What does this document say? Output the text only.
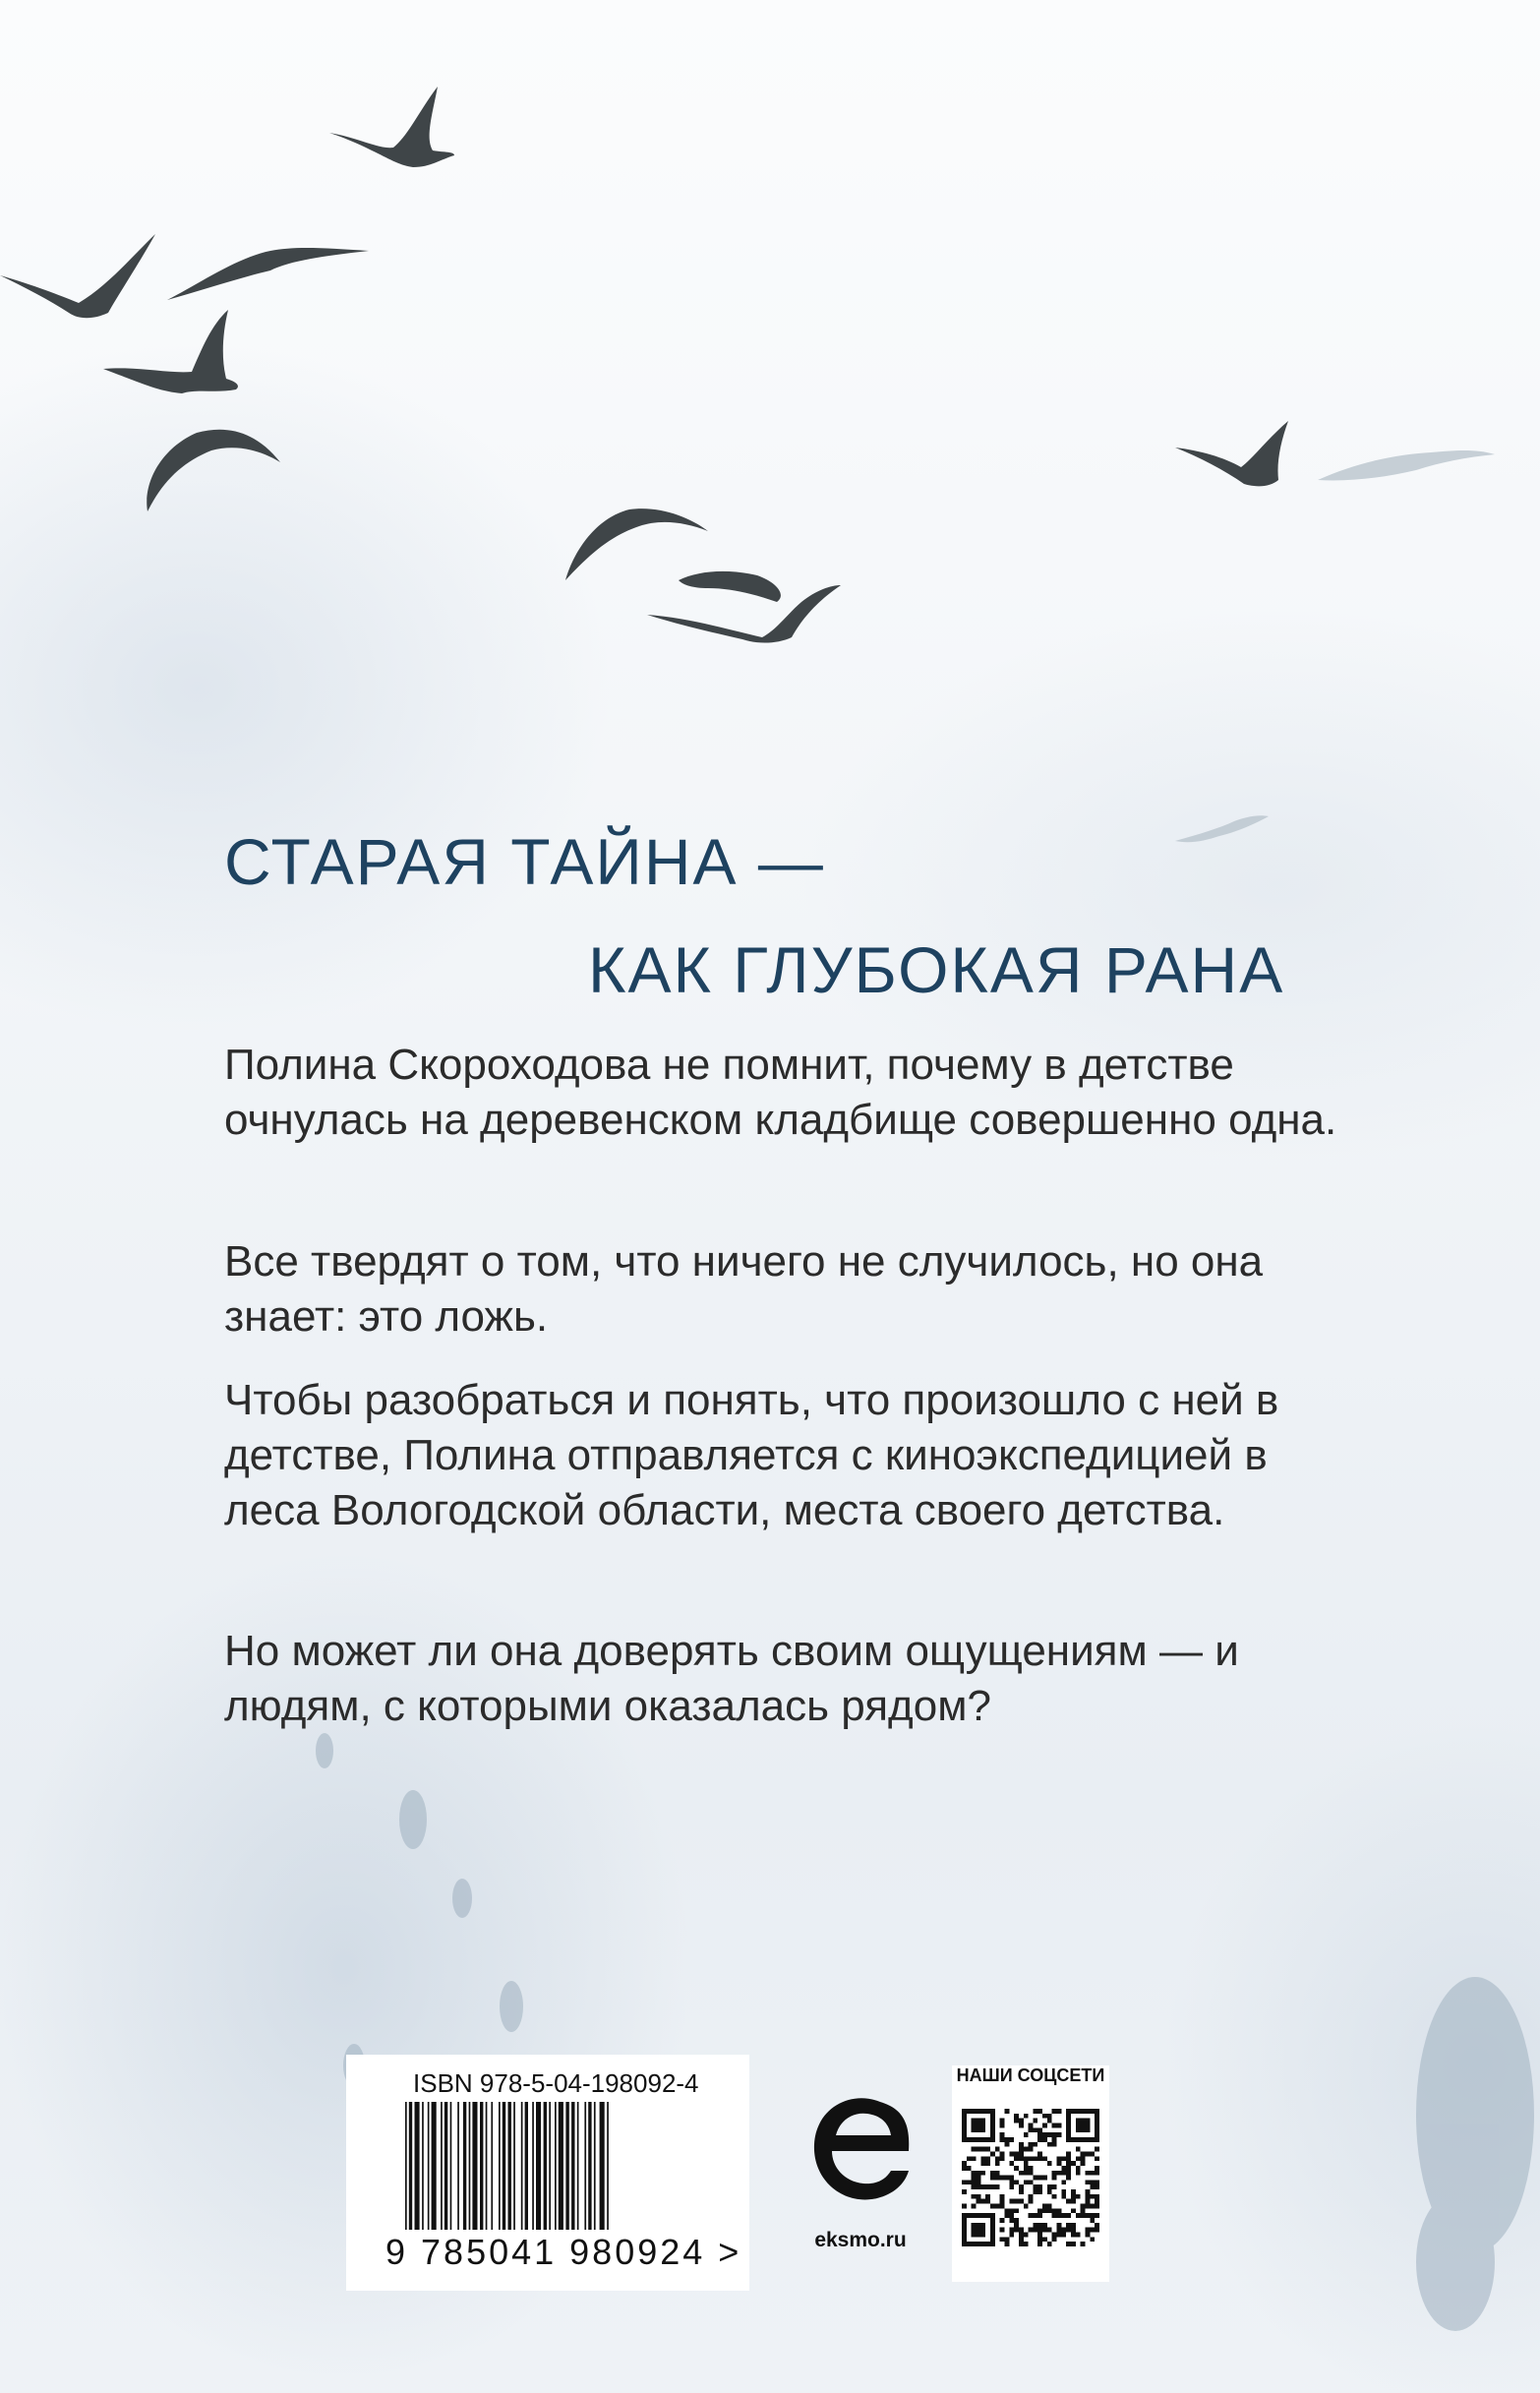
СТАРАЯ ТАЙНА —
КАК ГЛУБОКАЯ РАНА

Полина Скороходова не помнит, почему в детстве очнулась на деревенском кладбище совершенно одна.

Все твердят о том, что ничего не случилось, но она знает: это ложь.

Чтобы разобраться и понять, что произошло с ней в детстве, Полина отправляется с киноэкспедицией в леса Вологодской области, места своего детства.

Но может ли она доверять своим ощущениям — и людям, с которыми оказалась рядом?

ISBN 978-5-04-198092-4
9 785041 980924 >	eksmo.ru
НАШИ СОЦСЕТИ
